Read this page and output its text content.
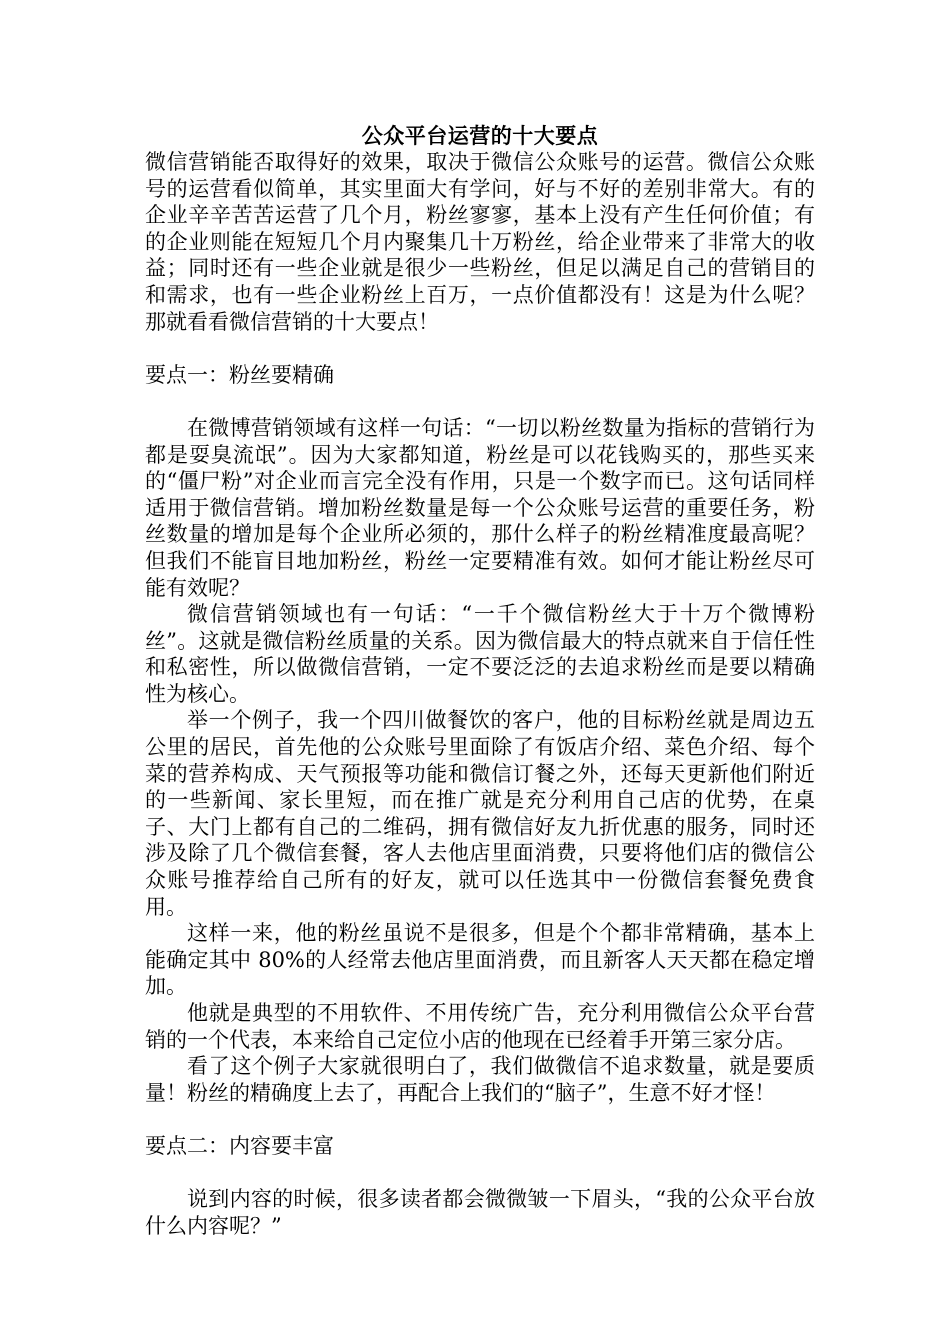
公众平台运营的十大要点

微信营销能否取得好的效果，取决于微信公众账号的运营。微信公众账号的运营看似简单，其实里面大有学问，好与不好的差别非常大。有的企业辛辛苦苦运营了几个月，粉丝寥寥，基本上没有产生任何价值；有的企业则能在短短几个月内聚集几十万粉丝，给企业带来了非常大的收益；同时还有一些企业就是很少一些粉丝，但足以满足自己的营销目的和需求，也有一些企业粉丝上百万，一点价值都没有！这是为什么呢？那就看看微信营销的十大要点！

要点一：粉丝要精确

在微博营销领域有这样一句话：“一切以粉丝数量为指标的营销行为都是耍臭流氓”。因为大家都知道，粉丝是可以花钱购买的，那些买来的“僵尸粉”对企业而言完全没有作用，只是一个数字而已。这句话同样适用于微信营销。增加粉丝数量是每一个公众账号运营的重要任务，粉丝数量的增加是每个企业所必须的，那什么样子的粉丝精准度最高呢？但我们不能盲目地加粉丝，粉丝一定要精准有效。如何才能让粉丝尽可能有效呢？

微信营销领域也有一句话：“一千个微信粉丝大于十万个微博粉丝”。这就是微信粉丝质量的关系。因为微信最大的特点就来自于信任性和私密性，所以做微信营销，一定不要泛泛的去追求粉丝而是要以精确性为核心。

举一个例子，我一个四川做餐饮的客户，他的目标粉丝就是周边五公里的居民，首先他的公众账号里面除了有饭店介绍、菜色介绍、每个菜的营养构成、天气预报等功能和微信订餐之外，还每天更新他们附近的一些新闻、家长里短，而在推广就是充分利用自己店的优势，在桌子、大门上都有自己的二维码，拥有微信好友九折优惠的服务，同时还涉及除了几个微信套餐，客人去他店里面消费，只要将他们店的微信公众账号推荐给自己所有的好友，就可以任选其中一份微信套餐免费食用。

这样一来，他的粉丝虽说不是很多，但是个个都非常精确，基本上能确定其中 80%的人经常去他店里面消费，而且新客人天天都在稳定增加。

他就是典型的不用软件、不用传统广告，充分利用微信公众平台营销的一个代表，本来给自己定位小店的他现在已经着手开第三家分店。

看了这个例子大家就很明白了，我们做微信不追求数量，就是要质量！粉丝的精确度上去了，再配合上我们的“脑子”，生意不好才怪！

要点二：内容要丰富

说到内容的时候，很多读者都会微微皱一下眉头，“我的公众平台放什么内容呢？”
